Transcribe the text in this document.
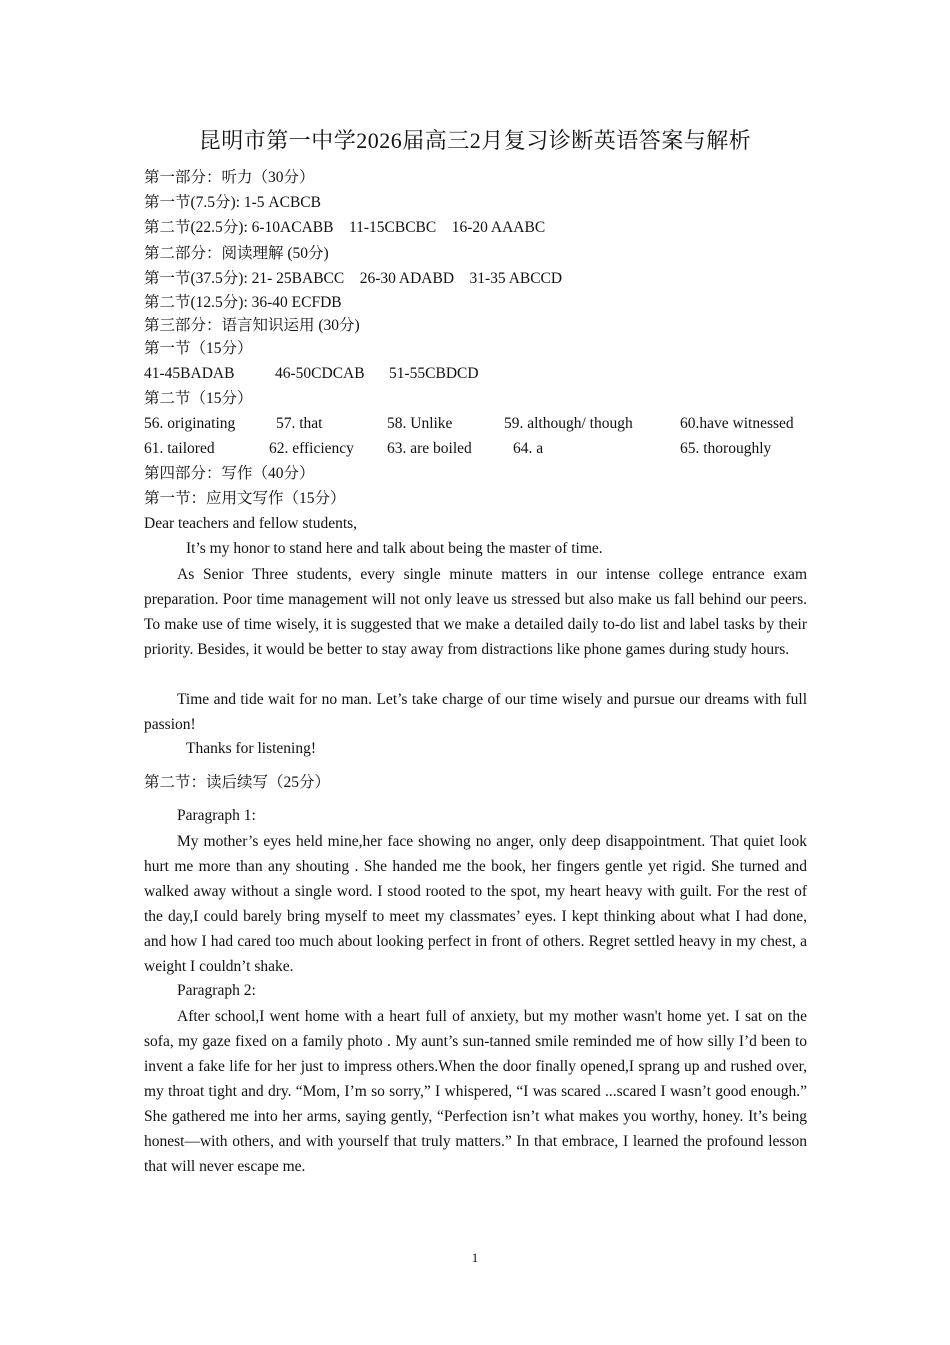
昆明市第一中学2026届高三2月复习诊断英语答案与解析
第一部分：听力（30分）
第一节(7.5分): 1-5 ACBCB
第二节(22.5分): 6-10ACABB    11-15CBCBC    16-20 AAABC
第二部分：阅读理解 (50分)
第一节(37.5分): 21- 25BABCC    26-30 ADABD    31-35 ABCCD
第二节(12.5分): 36-40 ECFDB
第三部分：语言知识运用 (30分)
第一节（15分）
41-45BADAB	46-50CDCAB 51-55CBDCD
第二节（15分）
56. originating	57. that	58. Unlike	59. although/ though	60.have witnessed
61. tailored	62. efficiency 63. are boiled	64. a	65. thoroughly
第四部分：写作（40分）
第一节：应用文写作（15分）
Dear teachers and fellow students,
It’s my honor to stand here and talk about being the master of time.
As Senior Three students, every single minute matters in our intense college entrance exam preparation. Poor time management will not only leave us stressed but also make us fall behind our peers. To make use of time wisely, it is suggested that we make a detailed daily to-do list and label tasks by their priority. Besides, it would be better to stay away from distractions like phone games during study hours.
Time and tide wait for no man. Let’s take charge of our time wisely and pursue our dreams with full passion!
Thanks for listening!
第二节：读后续写（25分）
Paragraph 1:
My mother’s eyes held mine,her face showing no anger, only deep disappointment. That quiet look hurt me more than any shouting . She handed me the book, her fingers gentle yet rigid. She turned and walked away without a single word. I stood rooted to the spot, my heart heavy with guilt. For the rest of the day,I could barely bring myself to meet my classmates’ eyes. I kept thinking about what I had done, and how I had cared too much about looking perfect in front of others. Regret settled heavy in my chest, a weight I couldn’t shake.
Paragraph 2:
After school,I went home with a heart full of anxiety, but my mother wasn't home yet. I sat on the sofa, my gaze fixed on a family photo . My aunt’s sun-tanned smile reminded me of how silly I’d been to invent a fake life for her just to impress others.When the door finally opened,I sprang up and rushed over, my throat tight and dry. “Mom, I’m so sorry,” I whispered, “I was scared ...scared I wasn’t good enough.” She gathered me into her arms, saying gently, “Perfection isn’t what makes you worthy, honey. It’s being honest—with others, and with yourself that truly matters.” In that embrace, I learned the profound lesson that will never escape me.
1
